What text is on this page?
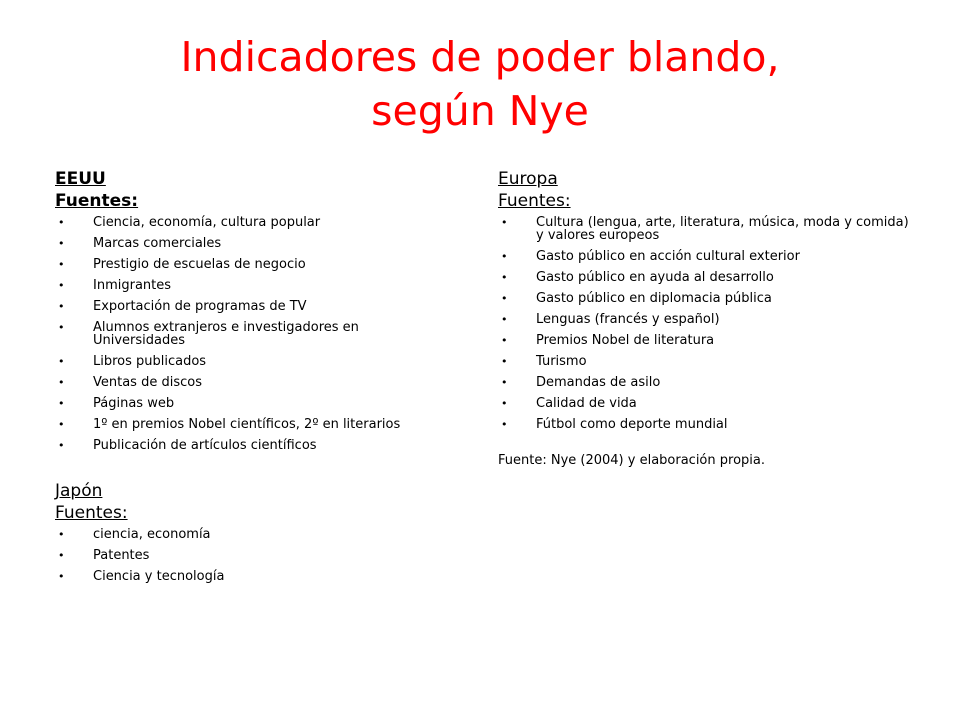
Indicadores de poder blando,
según Nye
EEUU
Fuentes:
• Ciencia, economía, cultura popular
• Marcas comerciales
• Prestigio de escuelas de negocio
• Inmigrantes
• Exportación de programas de TV
• Alumnos extranjeros e investigadores en Universidades
• Libros publicados
• Ventas de discos
• Páginas web
• 1º en premios Nobel científicos, 2º en literarios
• Publicación de artículos científicos
Japón
Fuentes:
• ciencia, economía
• Patentes
• Ciencia y tecnología
Europa
Fuentes:
• Cultura (lengua, arte, literatura, música, moda y comida) y valores europeos
• Gasto público en acción cultural exterior
• Gasto público en ayuda al desarrollo
• Gasto público en diplomacia pública
• Lenguas (francés y español)
• Premios Nobel de literatura
• Turismo
• Demandas de asilo
• Calidad de vida
• Fútbol como deporte mundial
Fuente: Nye (2004) y elaboración propia.
